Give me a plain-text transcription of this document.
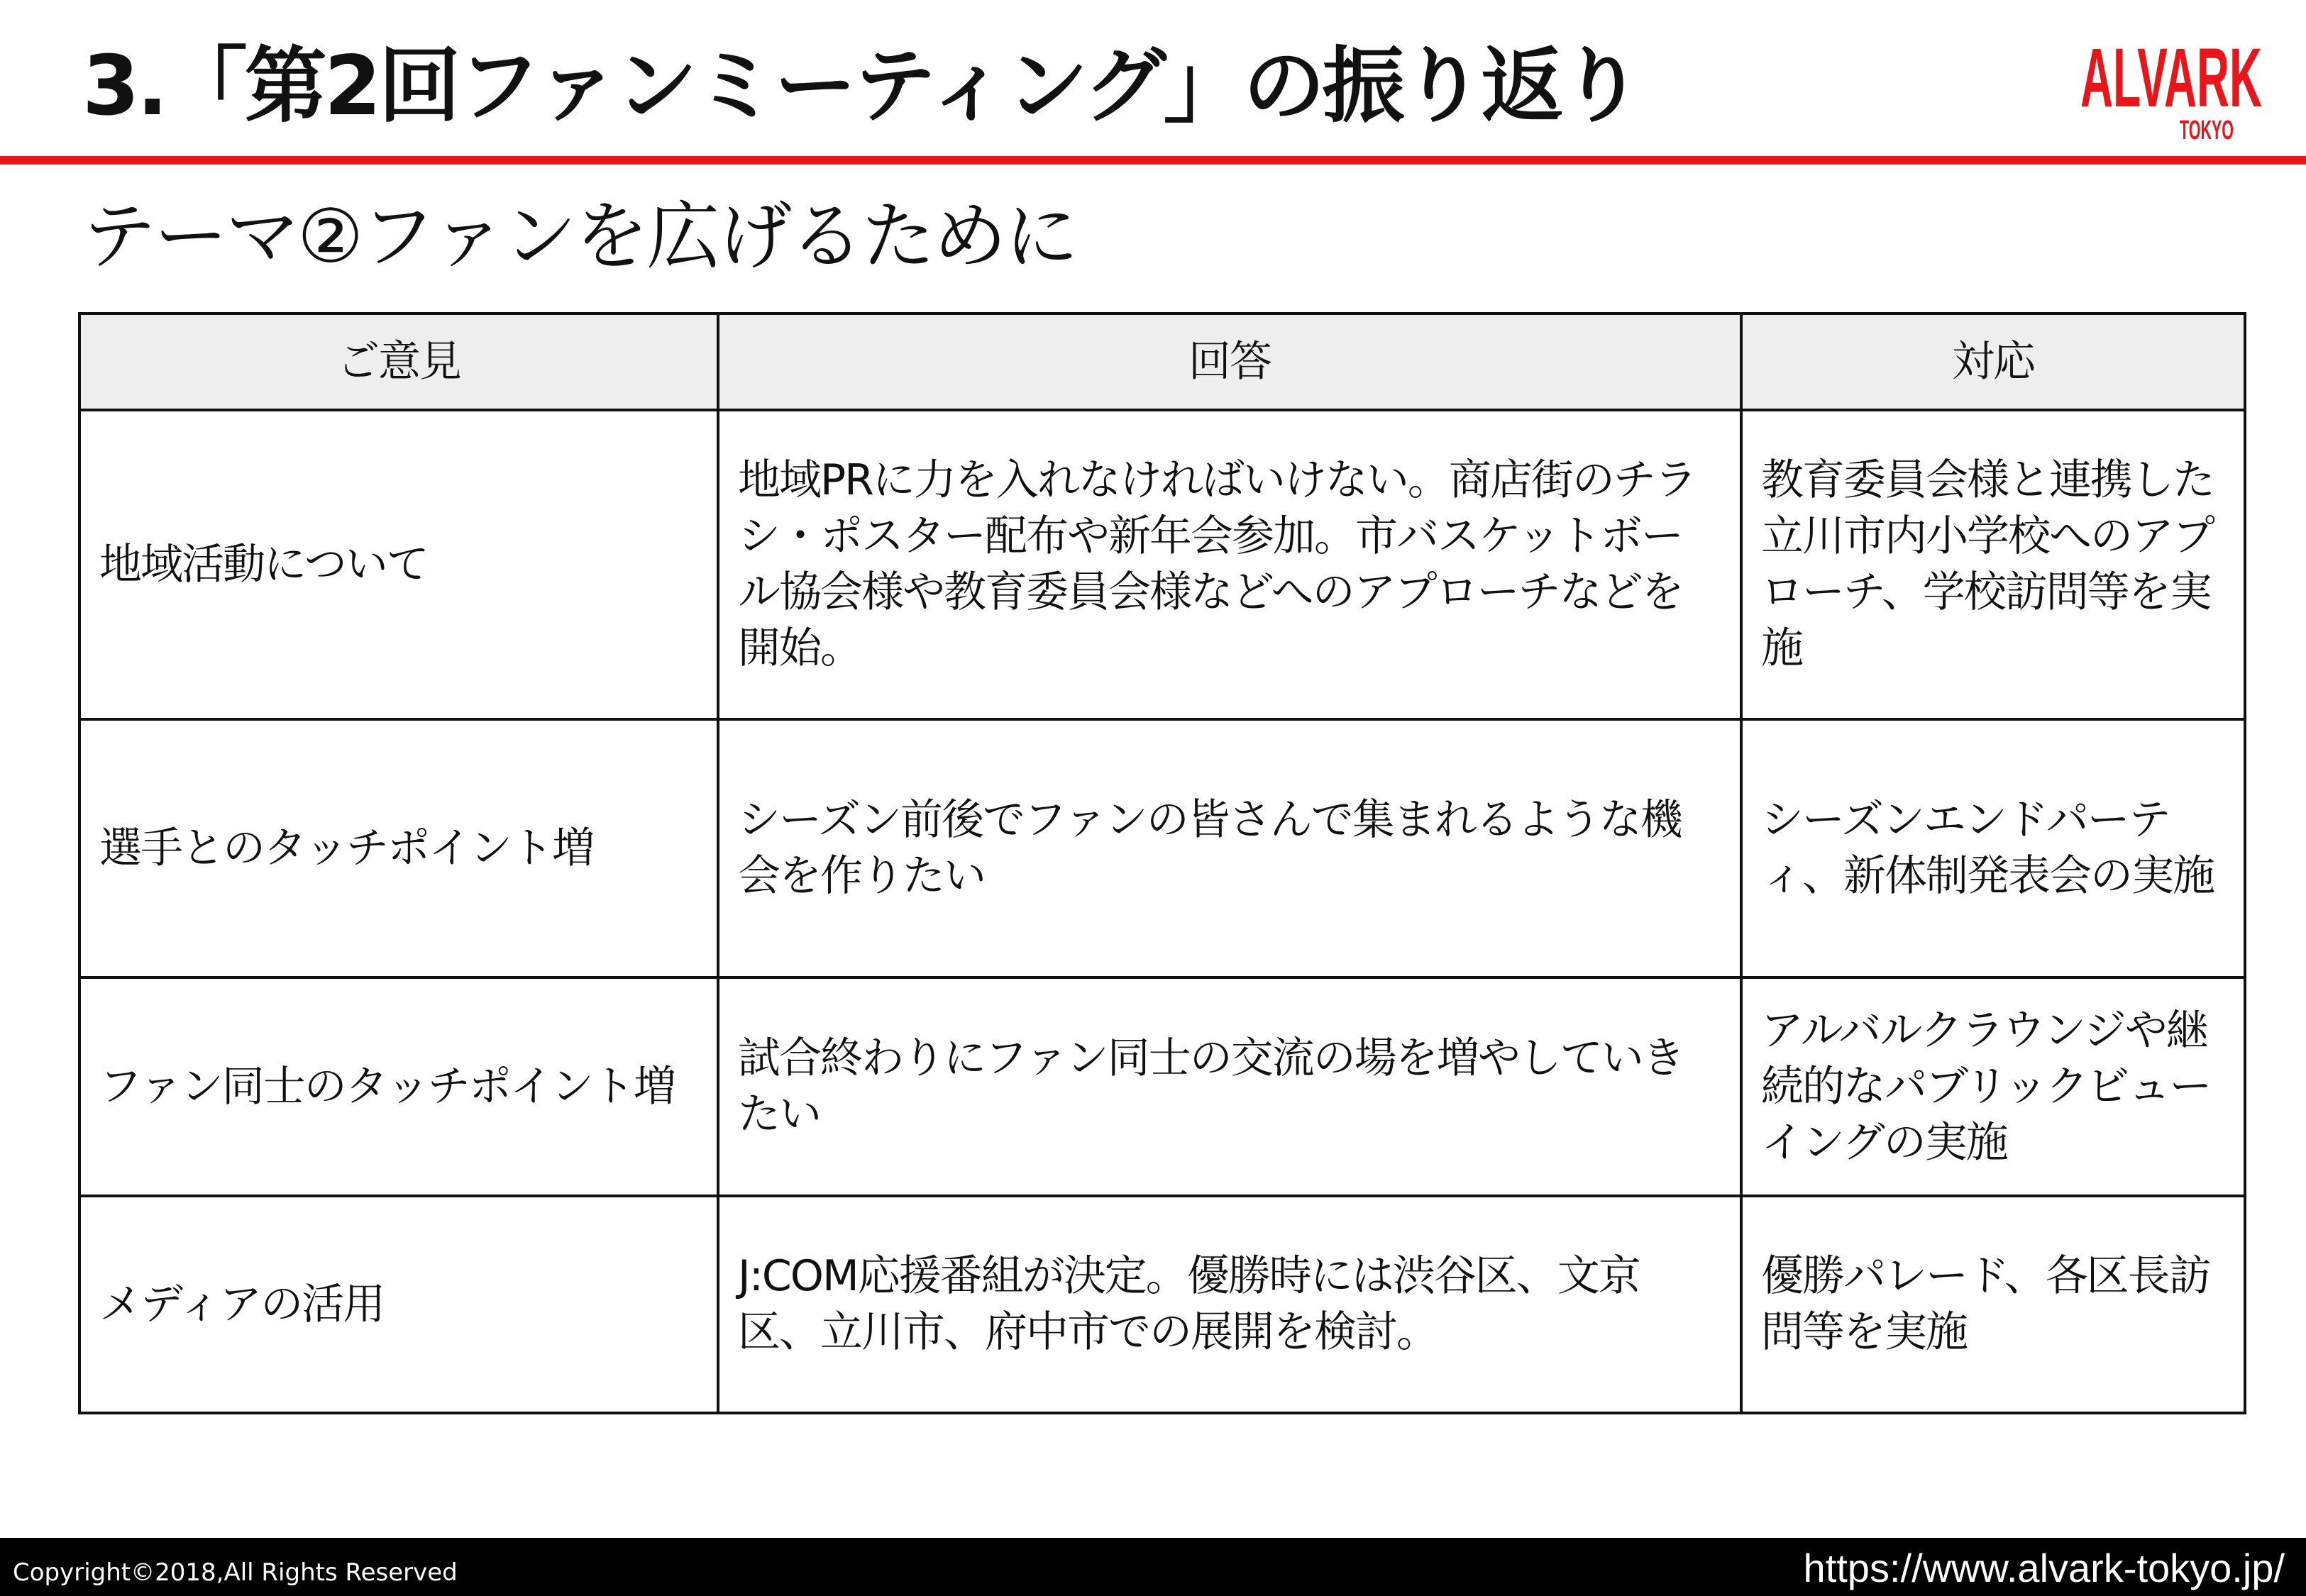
3.「第2回ファンミーティング」の振り返り	ALVARK
TOKYO
テーマ②ファンを広げるために
ご意見	回答	対応
地域活動について	地域PRに力を入れなければいけない。商店街のチラシ・ポスター配布や新年会参加。市バスケットボール協会様や教育委員会様などへのアプローチなどを開始。	教育委員会様と連携した立川市内小学校へのアプローチ、学校訪問等を実施
選手とのタッチポイント増	シーズン前後でファンの皆さんで集まれるような機会を作りたい	シーズンエンドパーティ、新体制発表会の実施
ファン同士のタッチポイント増	試合終わりにファン同士の交流の場を増やしていきたい	アルバルクラウンジや継続的なパブリックビューイングの実施
メディアの活用	J:COM応援番組が決定。優勝時には渋谷区、文京区、立川市、府中市での展開を検討。	優勝パレード、各区長訪問等を実施
Copyright©2018,All Rights Reserved	https://www.alvark-tokyo.jp/
